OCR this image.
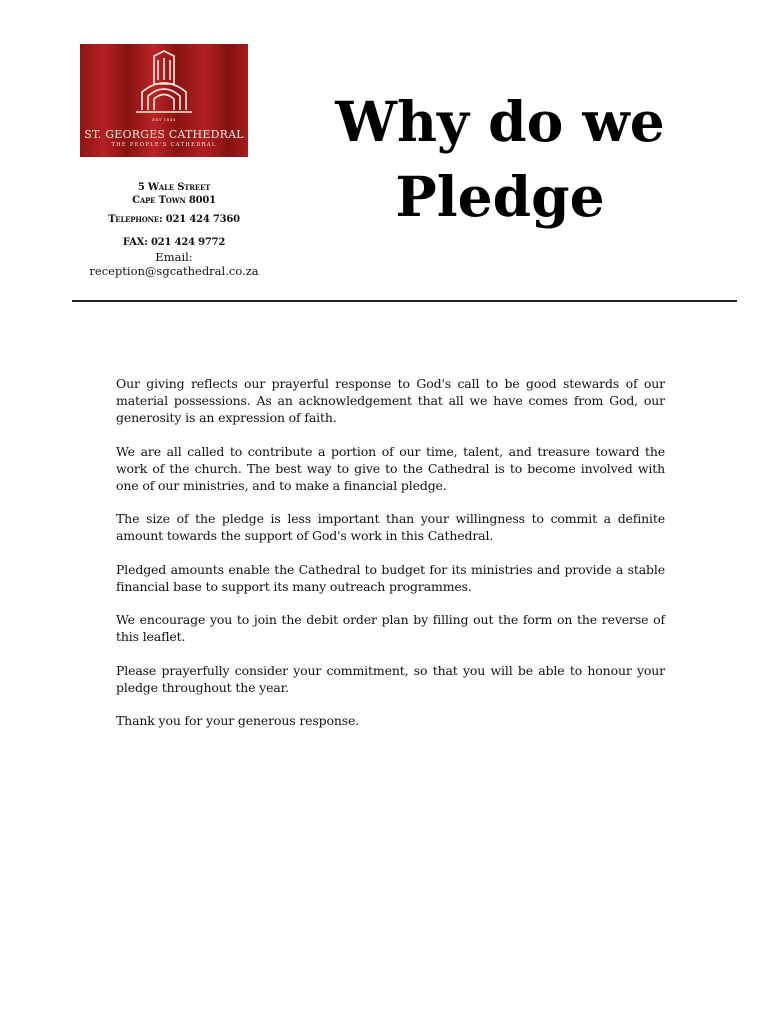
EST 1848
ST. GEORGES CATHEDRAL
THE PEOPLE'S CATHEDRAL
5 Wale Street
Cape Town 8001
Telephone: 021 424 7360
FAX: 021 424 9772
Email:
reception@sgcathedral.co.za
Why do we Pledge

Our giving reflects our prayerful response to God's call to be good stewards of our material possessions. As an acknowledgement that all we have comes from God, our generosity is an expression of faith.

We are all called to contribute a portion of our time, talent, and treasure toward the work of the church. The best way to give to the Cathedral is to become involved with one of our ministries, and to make a financial pledge.

The size of the pledge is less important than your willingness to commit a definite amount towards the support of God's work in this Cathedral.

Pledged amounts enable the Cathedral to budget for its ministries and provide a stable financial base to support its many outreach programmes.

We encourage you to join the debit order plan by filling out the form on the reverse of this leaflet.

Please prayerfully consider your commitment, so that you will be able to honour your pledge throughout the year.

Thank you for your generous response.
